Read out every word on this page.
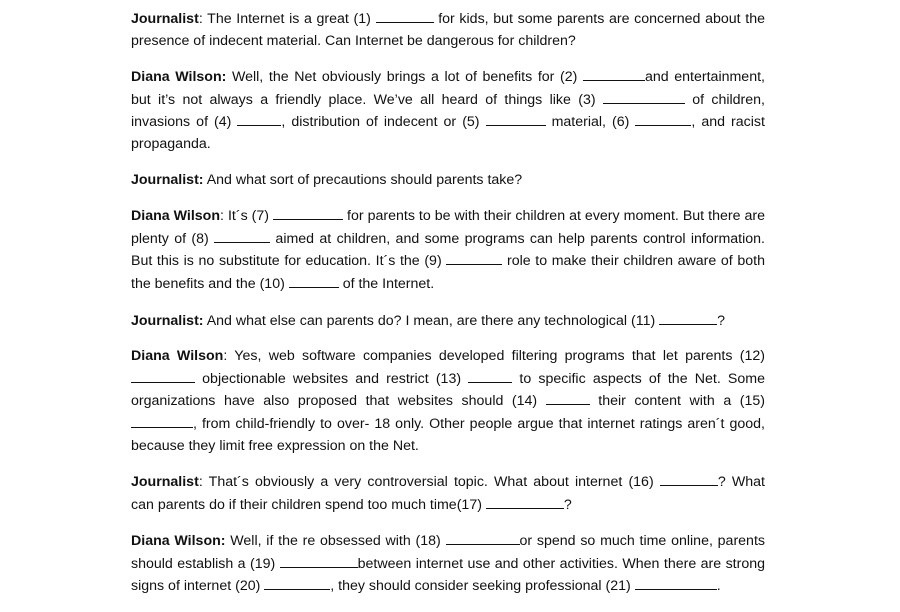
Journalist: The Internet is a great (1)	for kids, but some parents are concerned about the presence of indecent material. Can Internet be dangerous for children?

Diana Wilson: Well, the Net obviously brings a lot of benefits for (2)	and entertainment, but it’s not always a friendly place. We’ve all heard of things like (3)	of children, invasions of (4)	, distribution of indecent or (5)	material, (6)	, and racist propaganda.

Journalist: And what sort of precautions should parents take?

Diana Wilson: It´s (7)	for parents to be with their children at every moment. But there are plenty of (8)	aimed at children, and some programs can help parents control information. But this is no substitute for education. It´s the (9)	role to make their children aware of both the benefits and the (10)	of the Internet.

Journalist: And what else can parents do? I mean, are there any technological (11)	?

Diana Wilson: Yes, web software companies developed filtering programs that let parents (12)  objectionable websites and restrict (13)	to specific aspects of the Net. Some organizations have also proposed that websites should (14)	their content with a (15) , from child-friendly to over- 18 only. Other people argue that internet ratings aren´t good, because they limit free expression on the Net.

Journalist: That´s obviously a very controversial topic. What about internet (16)	? What can parents do if their children spend too much time(17)	?

Diana Wilson: Well, if the re obsessed with (18)	or spend so much time online, parents should establish a (19)	between internet use and other activities. When there are strong signs of internet (20)	, they should consider seeking professional (21)	.
